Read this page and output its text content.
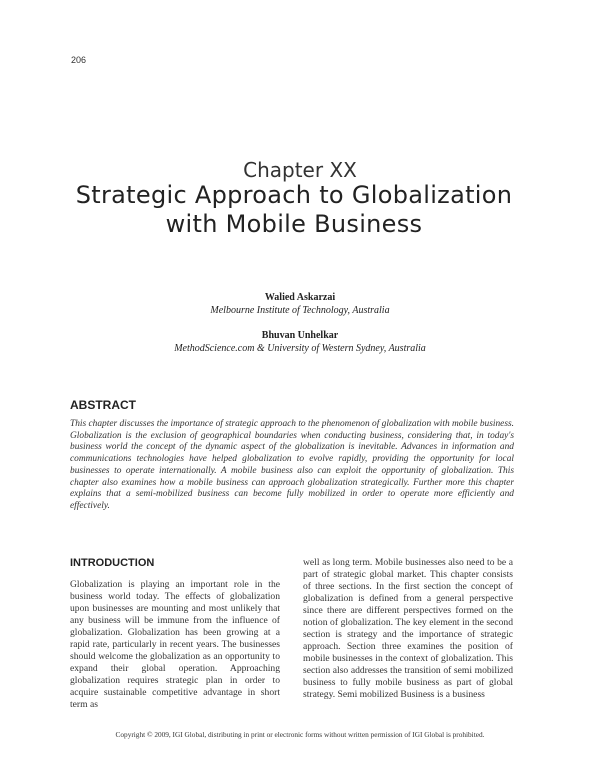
206
Chapter XX
Strategic Approach to Globalization with Mobile Business
Walied Askarzai
Melbourne Institute of Technology, Australia
Bhuvan Unhelkar
MethodScience.com & University of Western Sydney, Australia
ABSTRACT
This chapter discusses the importance of strategic approach to the phenomenon of globalization with mobile business. Globalization is the exclusion of geographical boundaries when conducting business, considering that, in today's business world the concept of the dynamic aspect of the globalization is inevitable. Advances in information and communications technologies have helped globalization to evolve rapidly, providing the opportunity for local businesses to operate internationally. A mobile business also can exploit the opportunity of globalization. This chapter also examines how a mobile business can approach globalization strategically. Further more this chapter explains that a semi-mobilized business can become fully mobilized in order to operate more efficiently and effectively.
INTRODUCTION
Globalization is playing an important role in the business world today. The effects of globalization upon businesses are mounting and most unlikely that any business will be immune from the influence of globalization. Globalization has been growing at a rapid rate, particularly in recent years. The businesses should welcome the globalization as an opportunity to expand their global operation. Approaching globalization requires strategic plan in order to acquire sustainable competitive advantage in short term as
well as long term. Mobile businesses also need to be a part of strategic global market. This chapter consists of three sections. In the first section the concept of globalization is defined from a general perspective since there are different perspectives formed on the notion of globalization. The key element in the second section is strategy and the importance of strategic approach. Section three examines the position of mobile businesses in the context of globalization. This section also addresses the transition of semi mobilized business to fully mobile business as part of global strategy. Semi mobilized Business is a business
Copyright © 2009, IGI Global, distributing in print or electronic forms without written permission of IGI Global is prohibited.
